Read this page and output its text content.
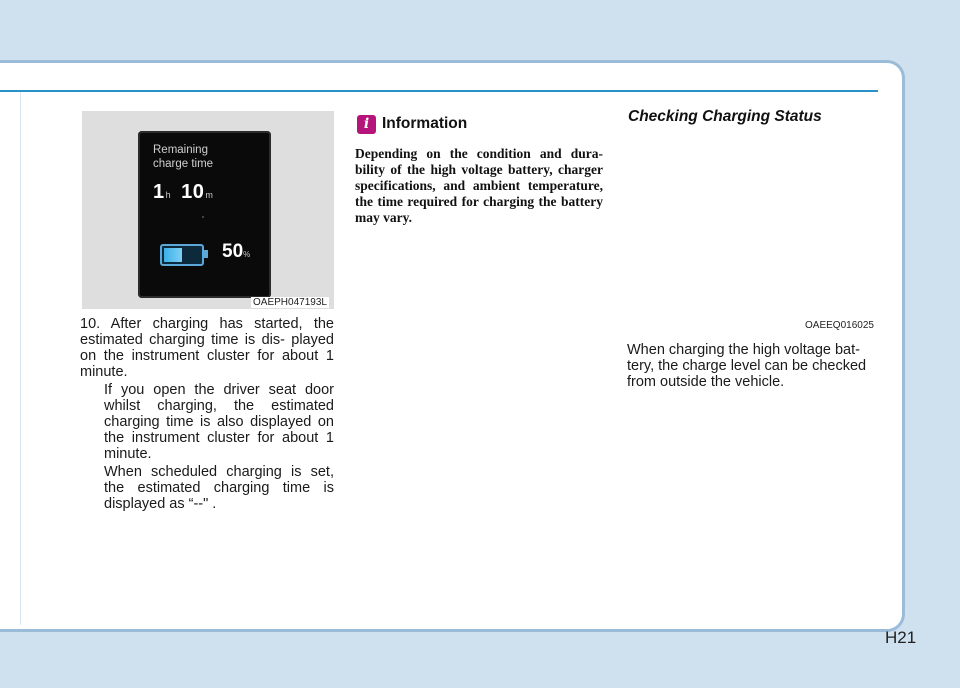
Remaining
charge time
1h 10m
50%
OAEPH047193L
10. After charging has started, the estimated charging time is dis- played on the instrument cluster for about 1 minute.

If you open the driver seat door whilst charging, the estimated charging time is also displayed on the instrument cluster for about 1 minute.

When scheduled charging is set, the estimated charging time is displayed as “--" .

i Information

Depending on the condition and dura- bility of the high voltage battery, charger specifications, and ambient temperature, the time required for charging the battery may vary.

Checking Charging Status
OAEEQ016025

When charging the high voltage bat- tery, the charge level can be checked from outside the vehicle.

H21
